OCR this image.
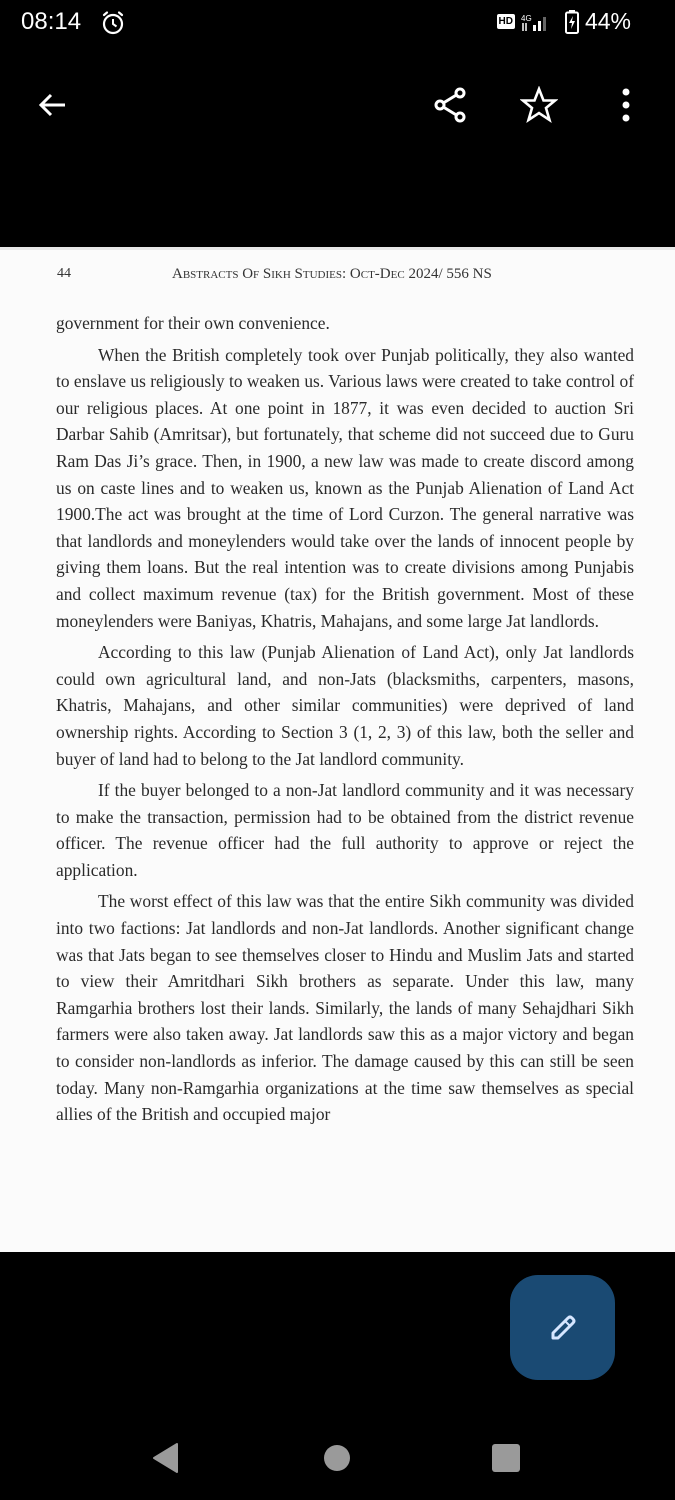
08:14	HD 4G 44%
44	Abstracts Of Sikh Studies: Oct-Dec 2024/ 556 NS

government for their own convenience.

When the British completely took over Punjab politically, they also wanted to enslave us religiously to weaken us. Various laws were created to take control of our religious places. At one point in 1877, it was even decided to auction Sri Darbar Sahib (Amritsar), but fortunately, that scheme did not succeed due to Guru Ram Das Ji’s grace. Then, in 1900, a new law was made to create discord among us on caste lines and to weaken us, known as the Punjab Alienation of Land Act 1900.The act was brought at the time of Lord Curzon. The general narrative was that landlords and moneylenders would take over the lands of innocent people by giving them loans. But the real intention was to create divisions among Punjabis and collect maximum revenue (tax) for the British government. Most of these moneylenders were Baniyas, Khatris, Mahajans, and some large Jat landlords.

According to this law (Punjab Alienation of Land Act), only Jat landlords could own agricultural land, and non-Jats (blacksmiths, carpenters, masons, Khatris, Mahajans, and other similar communities) were deprived of land ownership rights. According to Section 3 (1, 2, 3) of this law, both the seller and buyer of land had to belong to the Jat landlord community.

If the buyer belonged to a non-Jat landlord community and it was necessary to make the transaction, permission had to be obtained from the district revenue officer. The revenue officer had the full authority to approve or reject the application.

The worst effect of this law was that the entire Sikh community was divided into two factions: Jat landlords and non-Jat landlords. Another significant change was that Jats began to see themselves closer to Hindu and Muslim Jats and started to view their Amritdhari Sikh brothers as separate. Under this law, many Ramgarhia brothers lost their lands. Similarly, the lands of many Sehajdhari Sikh farmers were also taken away. Jat landlords saw this as a major victory and began to consider non-landlords as inferior. The damage caused by this can still be seen today. Many non-Ramgarhia organizations at the time saw themselves as special allies of the British and occupied major
